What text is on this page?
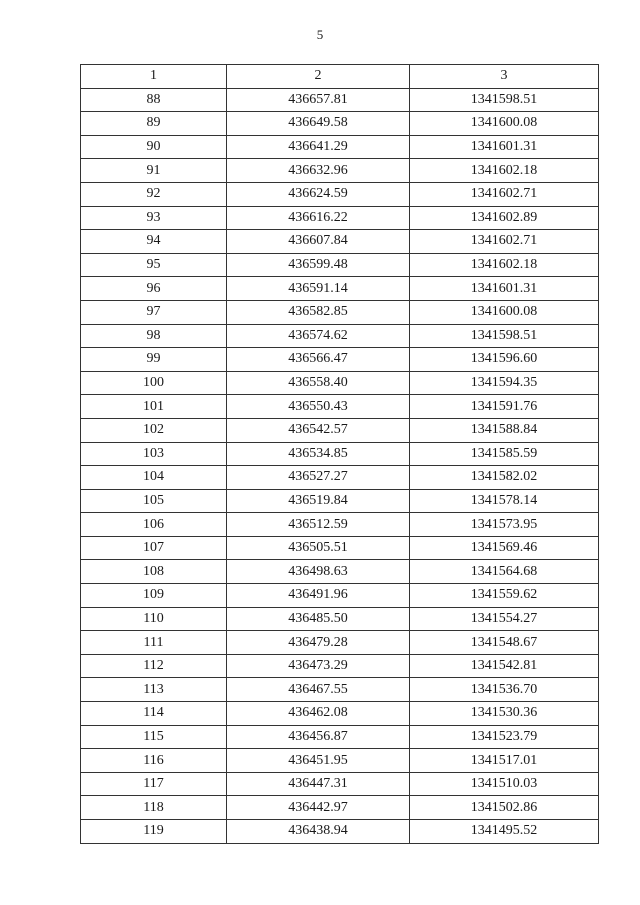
5
1	2	3
88	436657.81	1341598.51
89	436649.58	1341600.08
90	436641.29	1341601.31
91	436632.96	1341602.18
92	436624.59	1341602.71
93	436616.22	1341602.89
94	436607.84	1341602.71
95	436599.48	1341602.18
96	436591.14	1341601.31
97	436582.85	1341600.08
98	436574.62	1341598.51
99	436566.47	1341596.60
100	436558.40	1341594.35
101	436550.43	1341591.76
102	436542.57	1341588.84
103	436534.85	1341585.59
104	436527.27	1341582.02
105	436519.84	1341578.14
106	436512.59	1341573.95
107	436505.51	1341569.46
108	436498.63	1341564.68
109	436491.96	1341559.62
110	436485.50	1341554.27
111	436479.28	1341548.67
112	436473.29	1341542.81
113	436467.55	1341536.70
114	436462.08	1341530.36
115	436456.87	1341523.79
116	436451.95	1341517.01
117	436447.31	1341510.03
118	436442.97	1341502.86
119	436438.94	1341495.52
